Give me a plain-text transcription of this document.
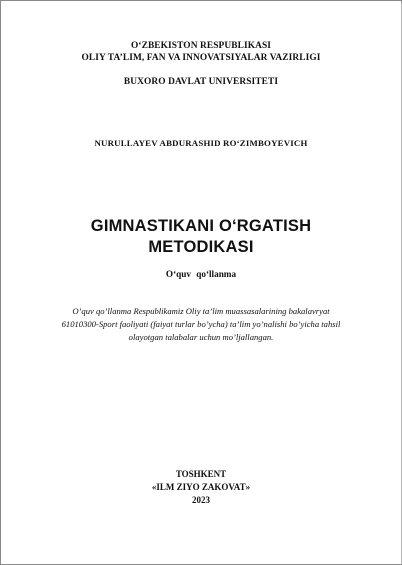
O‘ZBEKISTON RESPUBLIKASI
OLIY TA’LIM, FAN VA INNOVATSIYALAR VAZIRLIGI
BUXORO DAVLAT UNIVERSITETI
NURULLAYEV ABDURASHID RO‘ZIMBOYEVICH
GIMNASTIKANI O‘RGATISH
METODIKASI
O‘quv qo‘llanma
O’quv qo’llanma Respublikamiz Oliy ta’lim muassasalarining bakalavryat
61010300-Sport faoliyati (faiyat turlar bo’ycha) ta’lim yo’nalishi bo’yicha tahsil
olayotgan talabalar uchun mo’ljallangan.
TOSHKENT
«ILM ZIYO ZAKOVAT»
2023
